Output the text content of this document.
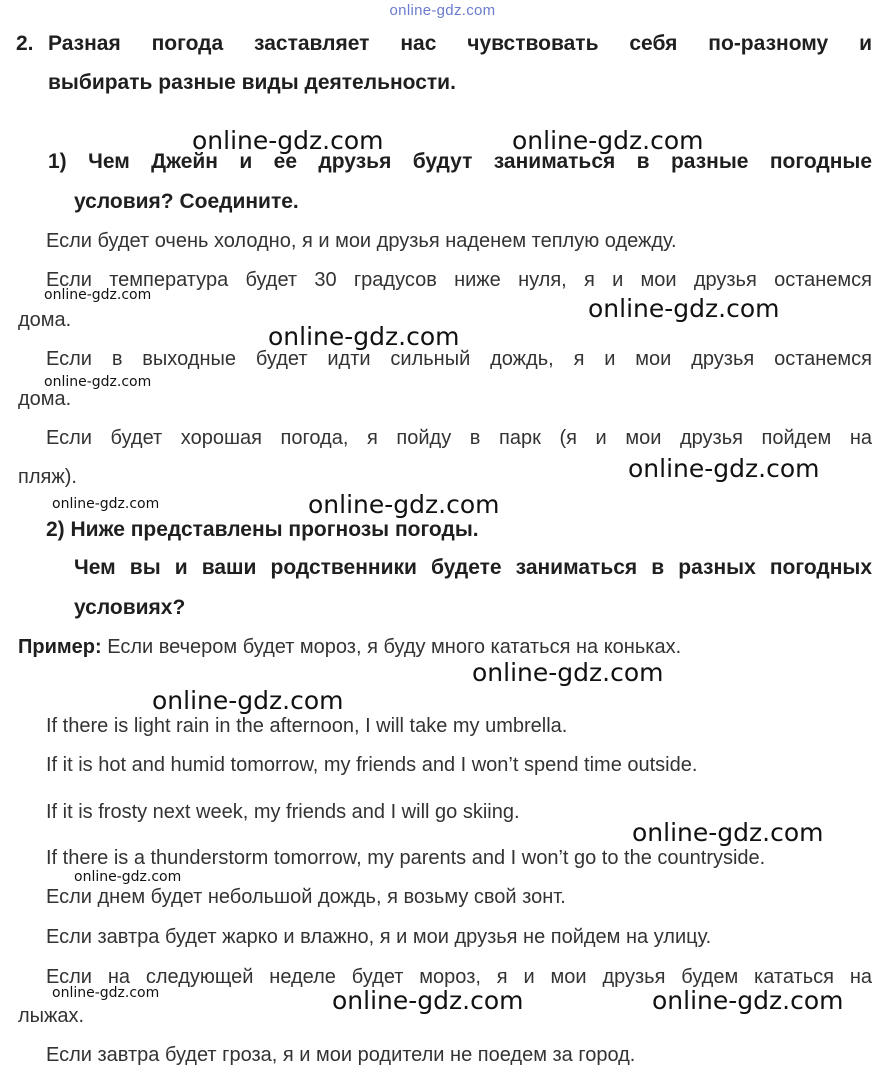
online-gdz.com
2. Разная погода заставляет нас чувствовать себя по-разному и
выбирать разные виды деятельности.
1) Чем Джейн и ее друзья будут заниматься в разные погодные
условия? Соедините.
Если будет очень холодно, я и мои друзья наденем теплую одежду.
Если температура будет 30 градусов ниже нуля, я и мои друзья останемся
дома.
Если в выходные будет идти сильный дождь, я и мои друзья останемся
дома.
Если будет хорошая погода, я пойду в парк (я и мои друзья пойдем на
пляж).
2) Ниже представлены прогнозы погоды.
Чем вы и ваши родственники будете заниматься в разных погодных
условиях?
Пример: Если вечером будет мороз, я буду много кататься на коньках.
If there is light rain in the afternoon, I will take my umbrella.
If it is hot and humid tomorrow, my friends and I won’t spend time outside.
If it is frosty next week, my friends and I will go skiing.
If there is a thunderstorm tomorrow, my parents and I won’t go to the countryside.
Если днем будет небольшой дождь, я возьму свой зонт.
Если завтра будет жарко и влажно, я и мои друзья не пойдем на улицу.
Если на следующей неделе будет мороз, я и мои друзья будем кататься на
лыжах.
Если завтра будет гроза, я и мои родители не поедем за город.
online-gdz.com	online-gdz.com
online-gdz.com
online-gdz.com
online-gdz.com
online-gdz.com
online-gdz.com
online-gdz.com
online-gdz.com
online-gdz.com	online-gdz.com
online-gdz.com
online-gdz.com
online-gdz.com
online-gdz.com
online-gdz.com
